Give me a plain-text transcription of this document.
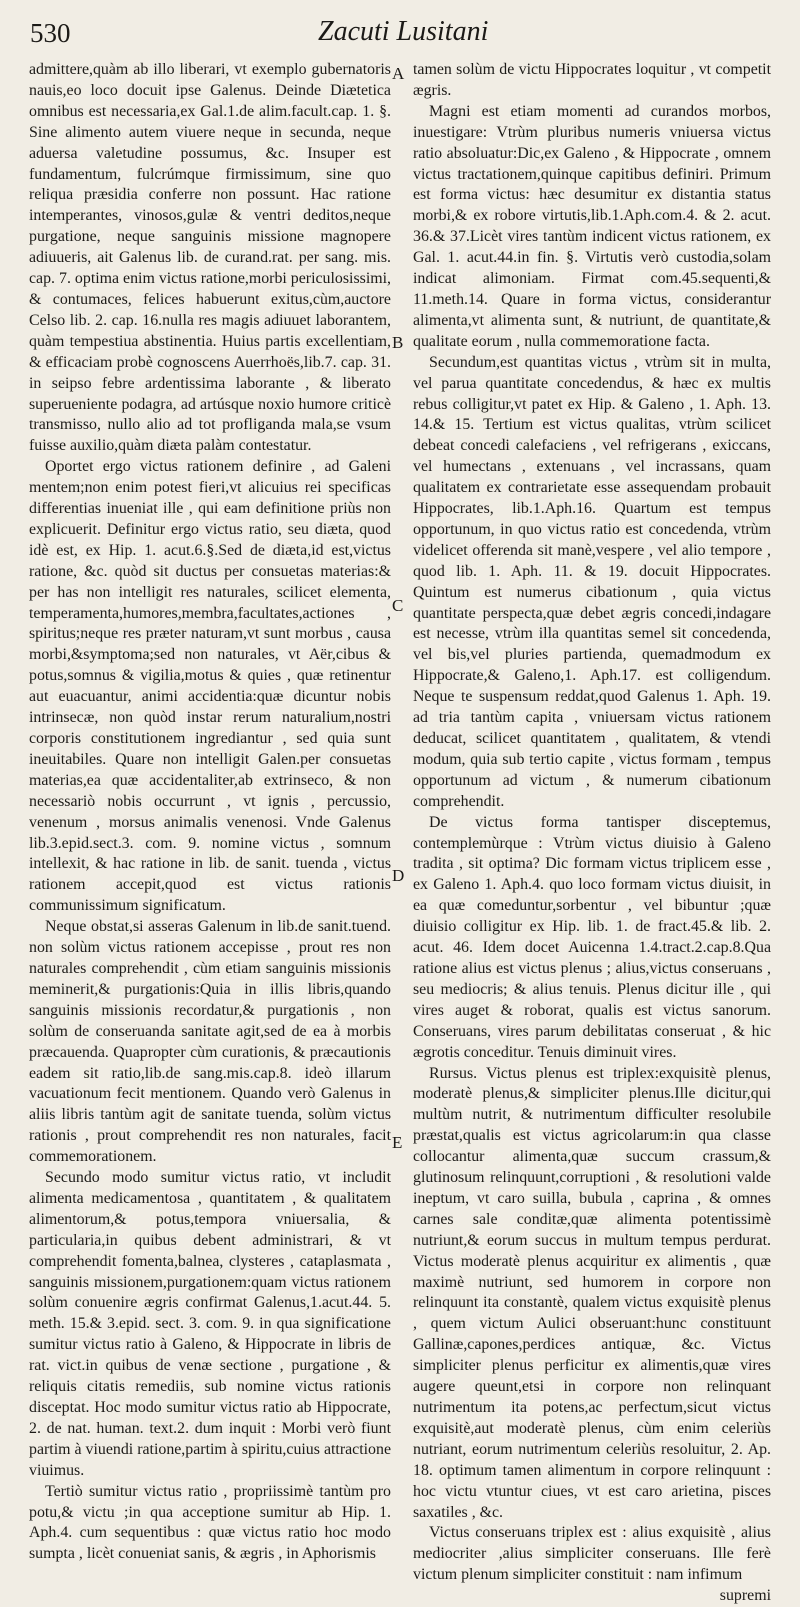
530	Zacuti Lusitani

admittere,quàm ab illo liberari, vt exemplo gubernatoris nauis,eo loco docuit ipse Galenus. Deinde Diætetica omnibus est necessaria,ex Gal.1.de alim.facult.cap. 1. §. Sine alimento autem viuere neque in secunda, neque aduersa valetudine possumus, &c. Insuper est fundamentum, fulcrúmque firmissimum, sine quo reliqua præsidia conferre non possunt. Hac ratione intemperantes, vinosos,gulæ & ventri deditos,neque purgatione, neque sanguinis missione magnopere adiuueris, ait Galenus lib. de curand.rat. per sang. mis. cap. 7. optima enim victus ratione,morbi periculosissimi, & contumaces, felices habuerunt exitus,cùm,auctore Celso lib. 2. cap. 16.nulla res magis adiuuet laborantem, quàm tempestiua abstinentia. Huius partis excellentiam, & efficaciam probè cognoscens Auerrhoës,lib.7. cap. 31. in seipso febre ardentissima laborante , & liberato superueniente podagra, ad artúsque noxio humore criticè transmisso, nullo alio ad tot profliganda mala,se vsum fuisse auxilio,quàm diæta palàm contestatur.

Oportet ergo victus rationem definire , ad Galeni mentem;non enim potest fieri,vt alicuius rei specificas differentias inueniat ille , qui eam definitione priùs non explicuerit. Definitur ergo victus ratio, seu diæta, quod idè est, ex Hip. 1. acut.6.§.Sed de diæta,id est,victus ratione, &c. quòd sit ductus per consuetas materias:& per has non intelligit res naturales, scilicet elementa, temperamenta,humores,membra,facultates,actiones , spiritus;neque res præter naturam,vt sunt morbus , causa morbi,&symptoma;sed non naturales, vt Aër,cibus & potus,somnus & vigilia,motus & quies , quæ retinentur aut euacuantur, animi accidentia:quæ dicuntur nobis intrinsecæ, non quòd instar rerum naturalium,nostri corporis constitutionem ingrediantur , sed quia sunt ineuitabiles. Quare non intelligit Galen.per consuetas materias,ea quæ accidentaliter,ab extrinseco, & non necessariò nobis occurrunt , vt ignis , percussio, venenum , morsus animalis venenosi. Vnde Galenus lib.3.epid.sect.3. com. 9. nomine victus , somnum intellexit, & hac ratione in lib. de sanit. tuenda , victus rationem accepit,quod est victus rationis communissimum significatum.

Neque obstat,si asseras Galenum in lib.de sanit.tuend. non solùm victus rationem accepisse , prout res non naturales comprehendit , cùm etiam sanguinis missionis meminerit,& purgationis:Quia in illis libris,quando sanguinis missionis recordatur,& purgationis , non solùm de conseruanda sanitate agit,sed de ea à morbis præcauenda. Quapropter cùm curationis, & præcautionis eadem sit ratio,lib.de sang.mis.cap.8. ideò illarum vacuationum fecit mentionem. Quando verò Galenus in aliis libris tantùm agit de sanitate tuenda, solùm victus rationis , prout comprehendit res non naturales, facit commemorationem.

Secundo modo sumitur victus ratio, vt includit alimenta medicamentosa , quantitatem , & qualitatem alimentorum,& potus,tempora vniuersalia, & particularia,in quibus debent administrari, & vt comprehendit fomenta,balnea, clysteres , cataplasmata , sanguinis missionem,purgationem:quam victus rationem solùm conuenire ægris confirmat Galenus,1.acut.44. 5. meth. 15.& 3.epid. sect. 3. com. 9. in qua significatione sumitur victus ratio à Galeno, & Hippocrate in libris de rat. vict.in quibus de venæ sectione , purgatione , & reliquis citatis remediis, sub nomine victus rationis disceptat. Hoc modo sumitur victus ratio ab Hippocrate, 2. de nat. human. text.2. dum inquit : Morbi verò fiunt partim à viuendi ratione,partim à spiritu,cuius attractione viuimus.

Tertiò sumitur victus ratio , propriissimè tantùm pro potu,& victu ;in qua acceptione sumitur ab Hip. 1. Aph.4. cum sequentibus : quæ victus ratio hoc modo sumpta , licèt conueniat sanis, & ægris , in Aphorismis

A
B
C
D
E

tamen solùm de victu Hippocrates loquitur , vt competit ægris.

Magni est etiam momenti ad curandos morbos, inuestigare: Vtrùm pluribus numeris vniuersa victus ratio absoluatur:Dic,ex Galeno , & Hippocrate , omnem victus tractationem,quinque capitibus definiri. Primum est forma victus: hæc desumitur ex distantia status morbi,& ex robore virtutis,lib.1.Aph.com.4. & 2. acut. 36.& 37.Licèt vires tantùm indicent victus rationem, ex Gal. 1. acut.44.in fin. §. Virtutis verò custodia,solam indicat alimoniam. Firmat com.45.sequenti,& 11.meth.14. Quare in forma victus, considerantur alimenta,vt alimenta sunt, & nutriunt, de quantitate,& qualitate eorum , nulla commemoratione facta.

Secundum,est quantitas victus , vtrùm sit in multa, vel parua quantitate concedendus, & hæc ex multis rebus colligitur,vt patet ex Hip. & Galeno , 1. Aph. 13. 14.& 15. Tertium est victus qualitas, vtrùm scilicet debeat concedi calefaciens , vel refrigerans , exiccans, vel humectans , extenuans , vel incrassans, quam qualitatem ex contrarietate esse assequendam probauit Hippocrates, lib.1.Aph.16. Quartum est tempus opportunum, in quo victus ratio est concedenda, vtrùm videlicet offerenda sit manè,vespere , vel alio tempore , quod lib. 1. Aph. 11. & 19. docuit Hippocrates. Quintum est numerus cibationum , quia victus quantitate perspecta,quæ debet ægris concedi,indagare est necesse, vtrùm illa quantitas semel sit concedenda, vel bis,vel pluries partienda, quemadmodum ex Hippocrate,& Galeno,1. Aph.17. est colligendum. Neque te suspensum reddat,quod Galenus 1. Aph. 19. ad tria tantùm capita , vniuersam victus rationem deducat, scilicet quantitatem , qualitatem, & vtendi modum, quia sub tertio capite , victus formam , tempus opportunum ad victum , & numerum cibationum comprehendit.

De victus forma tantisper disceptemus, contemplemùrque : Vtrùm victus diuisio à Galeno tradita , sit optima? Dic formam victus triplicem esse , ex Galeno 1. Aph.4. quo loco formam victus diuisit, in ea quæ comeduntur,sorbentur , vel bibuntur ;quæ diuisio colligitur ex Hip. lib. 1. de fract.45.& lib. 2. acut. 46. Idem docet Auicenna 1.4.tract.2.cap.8.Qua ratione alius est victus plenus ; alius,victus conseruans , seu mediocris; & alius tenuis. Plenus dicitur ille , qui vires auget & roborat, qualis est victus sanorum. Conseruans, vires parum debilitatas conseruat , & hic ægrotis conceditur. Tenuis diminuit vires.

Rursus. Victus plenus est triplex:exquisitè plenus, moderatè plenus,& simpliciter plenus.Ille dicitur,qui multùm nutrit, & nutrimentum difficulter resolubile præstat,qualis est victus agricolarum:in qua classe collocantur alimenta,quæ succum crassum,& glutinosum relinquunt,corruptioni , & resolutioni valde ineptum, vt caro suilla, bubula , caprina , & omnes carnes sale conditæ,quæ alimenta potentissimè nutriunt,& eorum succus in multum tempus perdurat. Victus moderatè plenus acquiritur ex alimentis , quæ maximè nutriunt, sed humorem in corpore non relinquunt ita constantè, qualem victus exquisitè plenus , quem victum Aulici obseruant:hunc constituunt Gallinæ,capones,perdices antiquæ, &c. Victus simpliciter plenus perficitur ex alimentis,quæ vires augere queunt,etsi in corpore non relinquant nutrimentum ita potens,ac perfectum,sicut victus exquisitè,aut moderatè plenus, cùm enim celeriùs nutriant, eorum nutrimentum celeriùs resoluitur, 2. Ap. 18. optimum tamen alimentum in corpore relinquunt : hoc victu vtuntur ciues, vt est caro arietina, pisces saxatiles , &c.

Victus conseruans triplex est : alius exquisitè , alius mediocriter ,alius simpliciter conseruans. Ille ferè victum plenum simpliciter constituit : nam infimum

supremi
